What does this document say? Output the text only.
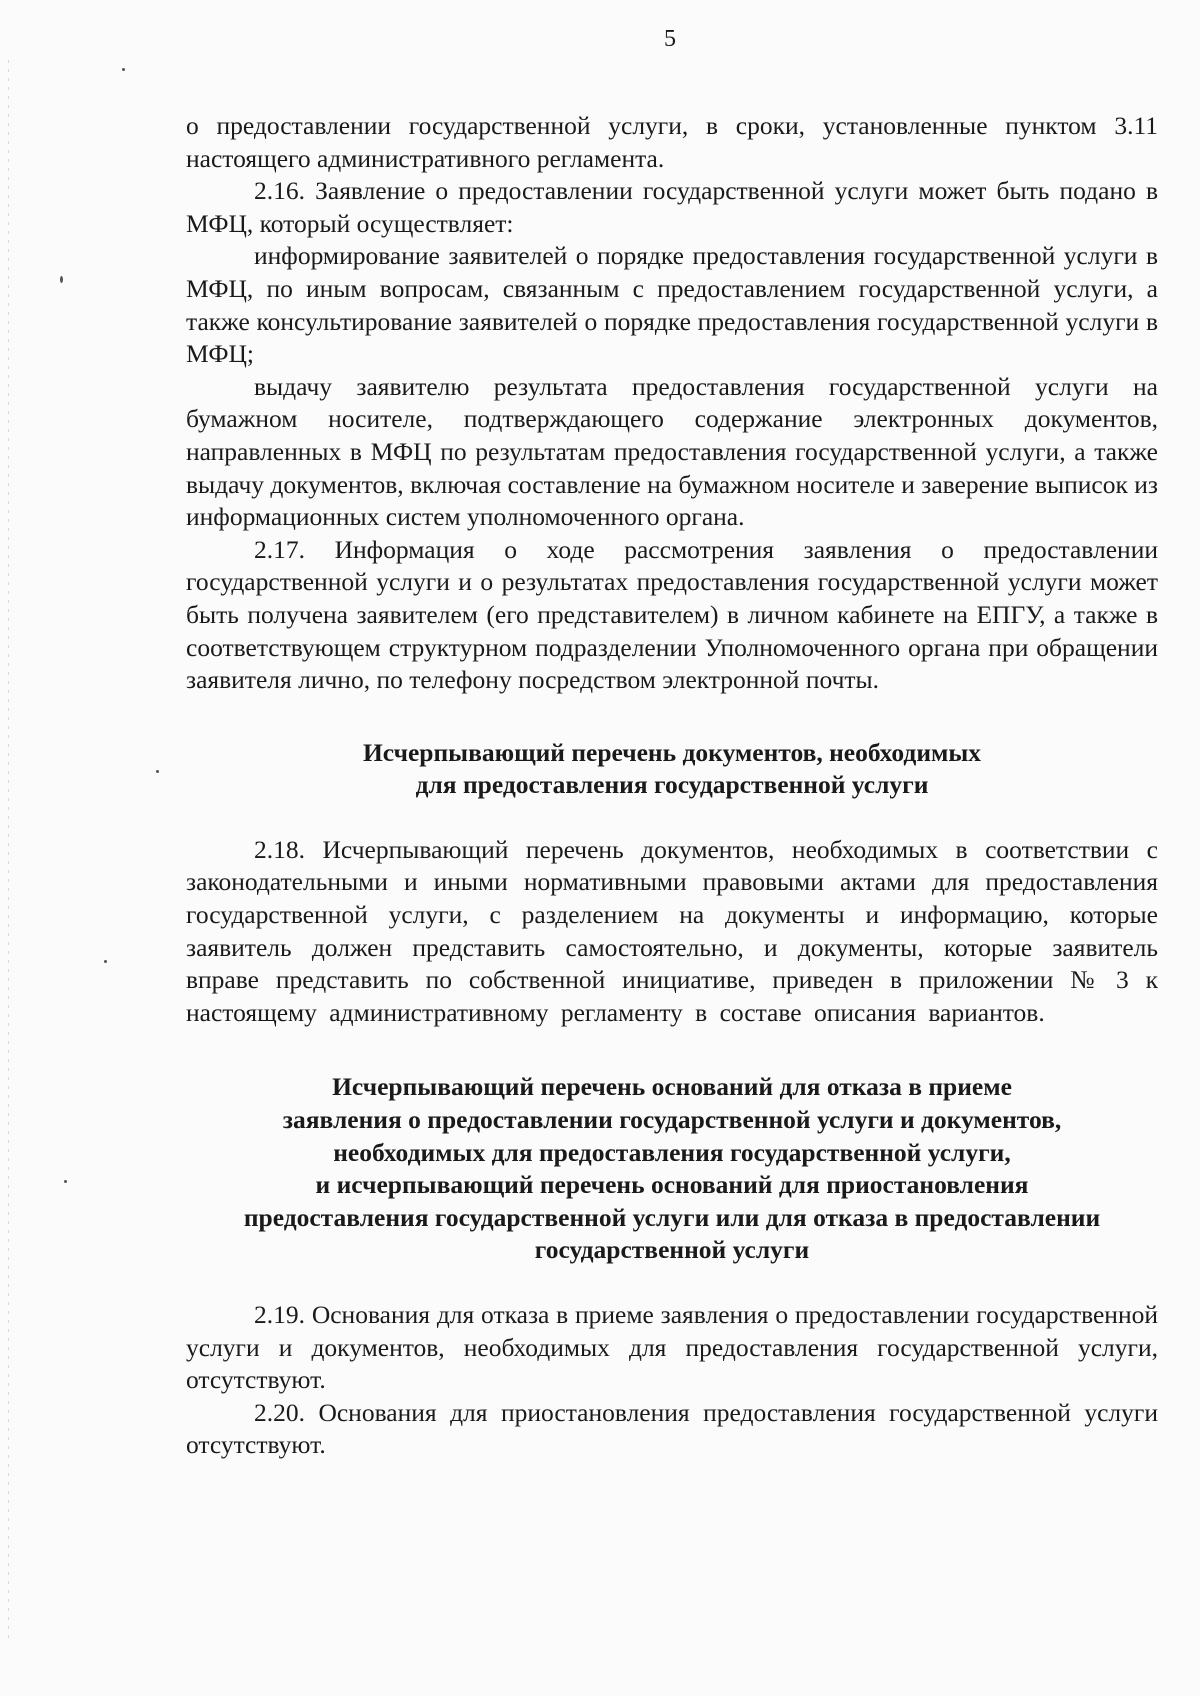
5

о предоставлении государственной услуги, в сроки, установленные пунктом 3.11 настоящего административного регламента.

2.16. Заявление о предоставлении государственной услуги может быть подано в МФЦ, который осуществляет:

информирование заявителей о порядке предоставления государственной услуги в МФЦ, по иным вопросам, связанным с предоставлением государственной услуги, а также консультирование заявителей о порядке предоставления государственной услуги в МФЦ;

выдачу заявителю результата предоставления государственной услуги на бумажном носителе, подтверждающего содержание электронных документов, направленных в МФЦ по результатам предоставления государственной услуги, а также выдачу документов, включая составление на бумажном носителе и заверение выписок из информационных систем уполномоченного органа.

2.17. Информация о ходе рассмотрения заявления о предоставлении государственной услуги и о результатах предоставления государственной услуги может быть получена заявителем (его представителем) в личном кабинете на ЕПГУ, а также в соответствующем структурном подразделении Уполномоченного органа при обращении заявителя лично, по телефону посредством электронной почты.

Исчерпывающий перечень документов, необходимых
для предоставления государственной услуги

2.18. Исчерпывающий перечень документов, необходимых в соответствии с законодательными и иными нормативными правовыми актами для предоставления государственной услуги, с разделением на документы и информацию, которые заявитель должен представить самостоятельно, и документы, которые заявитель вправе представить по собственной инициативе, приведен в приложении № 3 к настоящему административному регламенту в составе описания вариантов.

Исчерпывающий перечень оснований для отказа в приеме
заявления о предоставлении государственной услуги и документов,
необходимых для предоставления государственной услуги,
и исчерпывающий перечень оснований для приостановления
предоставления государственной услуги или для отказа в предоставлении
государственной услуги

2.19. Основания для отказа в приеме заявления о предоставлении государственной услуги и документов, необходимых для предоставления государственной услуги, отсутствуют.

2.20. Основания для приостановления предоставления государственной услуги отсутствуют.
